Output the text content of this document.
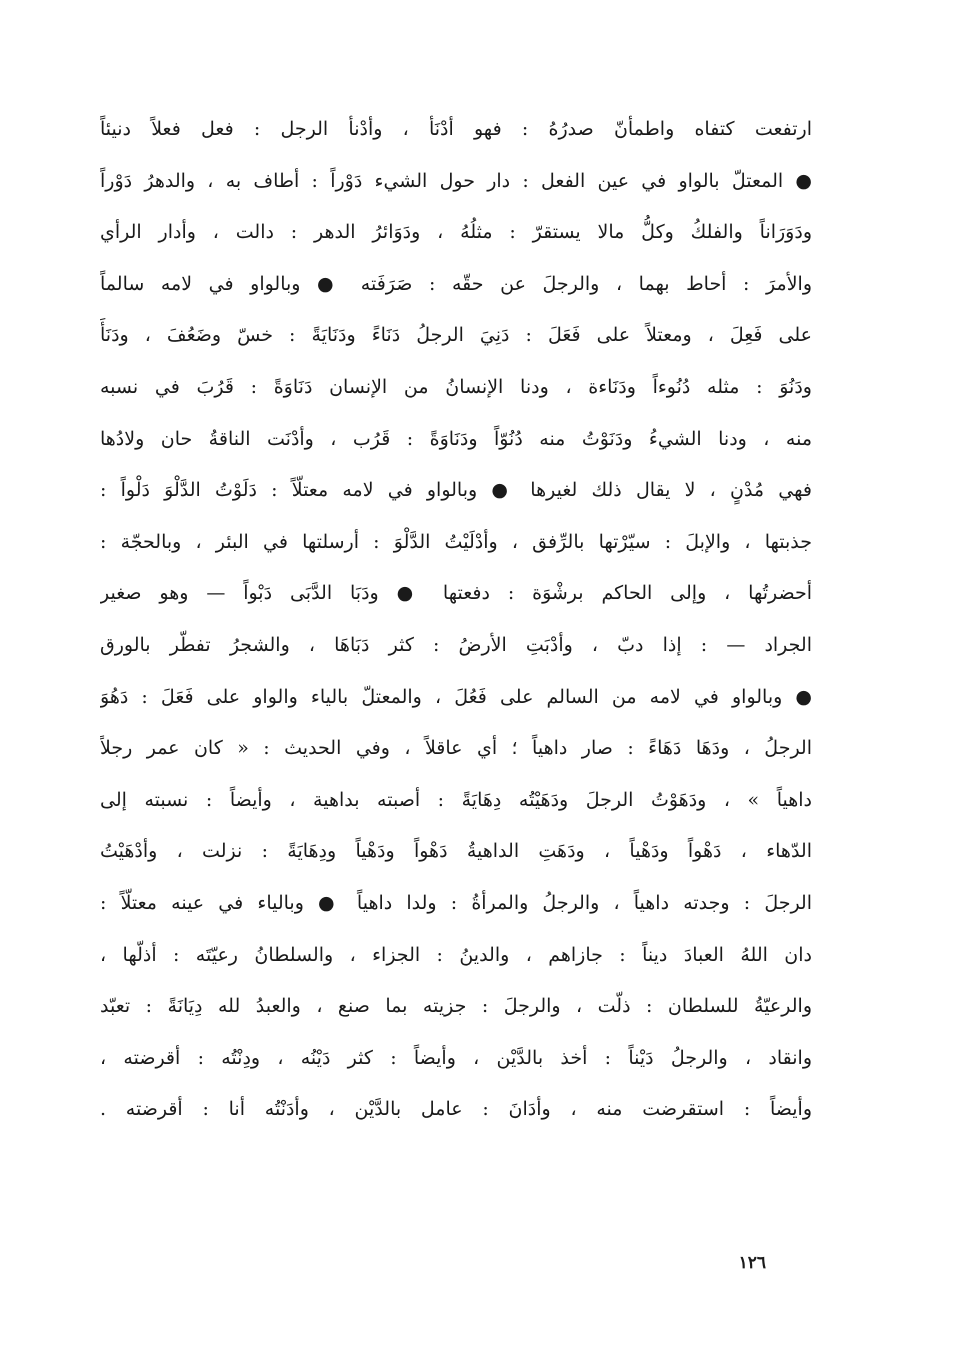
ارتفعت كتفاه واطمأنّ صدرُهُ : فهو أدْنَأ ، وأدْنأ الرجل : فعل فعلاً دنيئاً
● المعتلّ بالواو في عين الفعل : دار حول الشيء دَوْراً : أطاف به ، والدهرُ دَوْراً
ودَوَرَاناً والفلكُ وكلُّ مالا يستقرّ : مثلُهُ ، ودَوَائرُ الدهر : دالت ، وأدار الرأي
والأمرَ : أحاط بهما ، والرجلَ عن حقّه : صَرَفَته ● وبالواو في لامه سالماً
على فَعِلَ ، ومعتلاً على فَعَلَ : دَنِيَ الرجلُ دَنَاءً ودَنَايَةً : خسّ وضَعُفَ ، ودَنَأَ
ودَنُوَ : مثله دُنُوءاً ودَنَاءة ، ودنا الإنسانُ من الإنسان دَنَاوَةً : قَرُبَ في نسبه
منه ، ودنا الشيءُ ودَنَوْتُ منه دُنُوّاً ودَنَاوَةً : قَرُب ، وأدْنَت الناقةُ حان ولادُها
فهي مُدْنٍ ، لا يقال ذلك لغيرها ● وبالواو في لامه معتلّاً : دَلَوْتُ الدَّلْوَ دَلْواً :
جذبتها ، والإبلَ : سيّرْتها بالرِّفق ، وأدْلَيْتُ الدَّلْوَ : أرسلتها في البئر ، وبالحجّة :
أحضرتُها ، وإلى الحاكم برشْوَة : دفعتها ● ودَبَا الدَّبَى دَبْواً — وهو صغير
الجراد — : إذا دبّ ، وأدْبَتِ الأرضُ : كثر دَبَاهَا ، والشجرُ تفطّر بالورق
● وبالواو في لامه من السالم على فَعُلَ ، والمعتلّ بالياء والواو على فَعَلَ : دَهُوَ
الرجلُ ، ودَهَا دَهَاءً : صار داهياً ؛ أي عاقلاً ، وفي الحديث : « كان عمر رجلاً
داهياً » ، ودَهَوْتُ الرجلَ ودَهَيْتُه دِهَايَةً : أصبته بداهية ، وأيضاً : نسبته إلى
الدّهاء ، دَهْواً ودَهْياً ، ودَهَتِ الداهيةُ دَهْواً ودَهْياً ودِهَايَةً : نزلت ، وأدْهَيْتُ
الرجلَ : وجدته داهياً ، والرجلُ والمرأةُ : ولدا داهياً ● وبالياء في عينه معتلّاً :
دان اللهُ العبادَ ديناً : جازاهم ، والدينُ : الجزاء ، والسلطانُ رعيّتَه : أذلّها ،
والرعيّةُ للسلطان : ذلّت ، والرجلَ : جزيته بما صنع ، والعبدُ لله دِيَانَةً : تعبّد
وانقاد ، والرجلُ دَيْناً : أخذ بالدَّيْن ، وأيضاً : كثر دَيْنُه ، ودِنْتُه : أقرضته ،
وأيضاً : استقرضت منه ، وأدَانَ : عامل بالدَّيْن ، وأدَنْتُه أنا : أقرضته .
١٢٦
